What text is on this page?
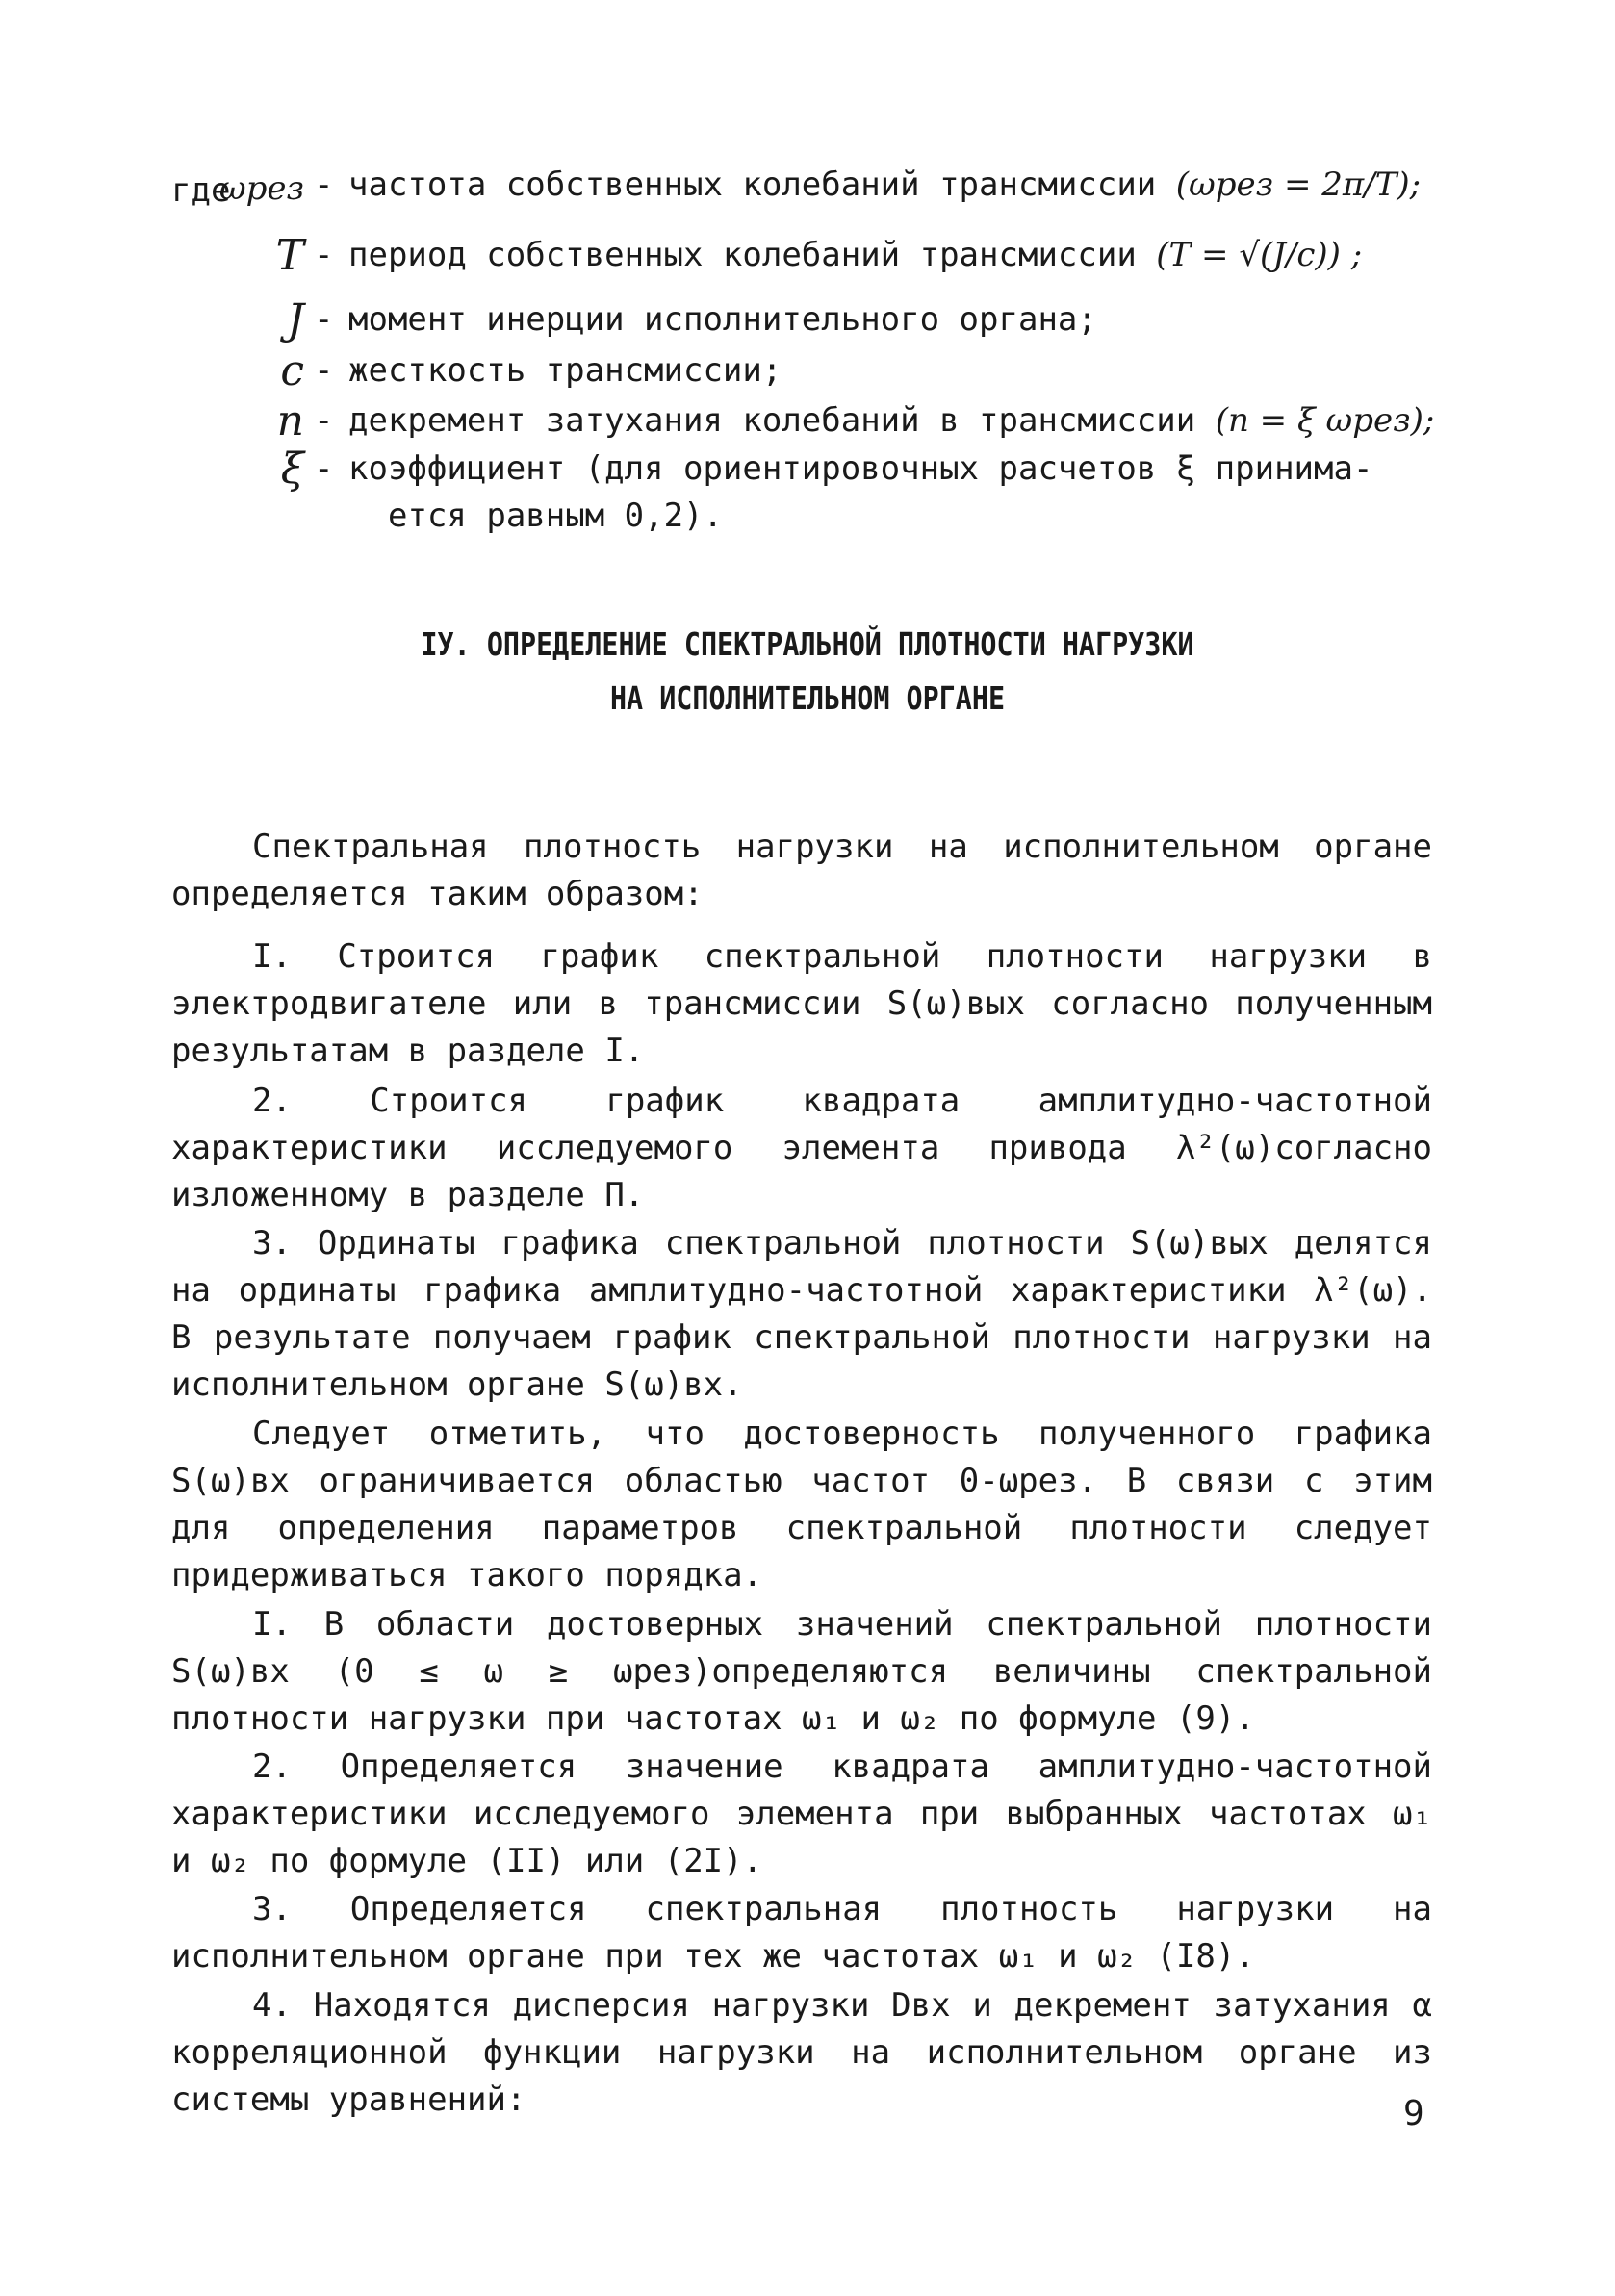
где
ωрез - частота собственных колебаний трансмиссии (ωрез = 2π/T);
T - период собственных колебаний трансмиссии (T = √(J/c)) ;
J - момент инерции исполнительного органа;
c - жесткость трансмиссии;
n - декремент затухания колебаний в трансмиссии (n = ξ ωрез);
ξ - коэффициент (для ориентировочных расчетов ξ принима-
ется равным 0,2).
IУ. ОПРЕДЕЛЕНИЕ СПЕКТРАЛЬНОЙ ПЛОТНОСТИ НАГРУЗКИ
НА ИСПОЛНИТЕЛЬНОМ ОРГАНЕ
Спектральная плотность нагрузки на исполнительном органе определяется таким образом:
I. Строится график спектральной плотности нагрузки в электродвигателе или в трансмиссии S(ω)вых согласно полученным результатам в разделе I.
2. Строится график квадрата амплитудно-частотной характеристики исследуемого элемента привода λ²(ω)согласно изложенному в разделе П.
3. Ординаты графика спектральной плотности S(ω)вых делятся на ординаты графика амплитудно-частотной характеристики λ²(ω). В результате получаем график спектральной плотности нагрузки на исполнительном органе S(ω)вх.
Следует отметить, что достоверность полученного графика S(ω)вх ограничивается областью частот 0-ωрез. В связи с этим для определения параметров спектральной плотности следует придерживаться такого порядка.
I. В области достоверных значений спектральной плотности S(ω)вх (0 ≤ ω ≥ ωрез)определяются величины спектральной плотности нагрузки при частотах ω₁ и ω₂ по формуле (9).
2. Определяется значение квадрата амплитудно-частотной характеристики исследуемого элемента при выбранных частотах ω₁ и ω₂ по формуле (II) или (2I).
3. Определяется спектральная плотность нагрузки на исполнительном органе при тех же частотах ω₁ и ω₂ (I8).
4. Находятся дисперсия нагрузки Dвх и декремент затухания α корреляционной функции нагрузки на исполнительном органе из системы уравнений:	9
